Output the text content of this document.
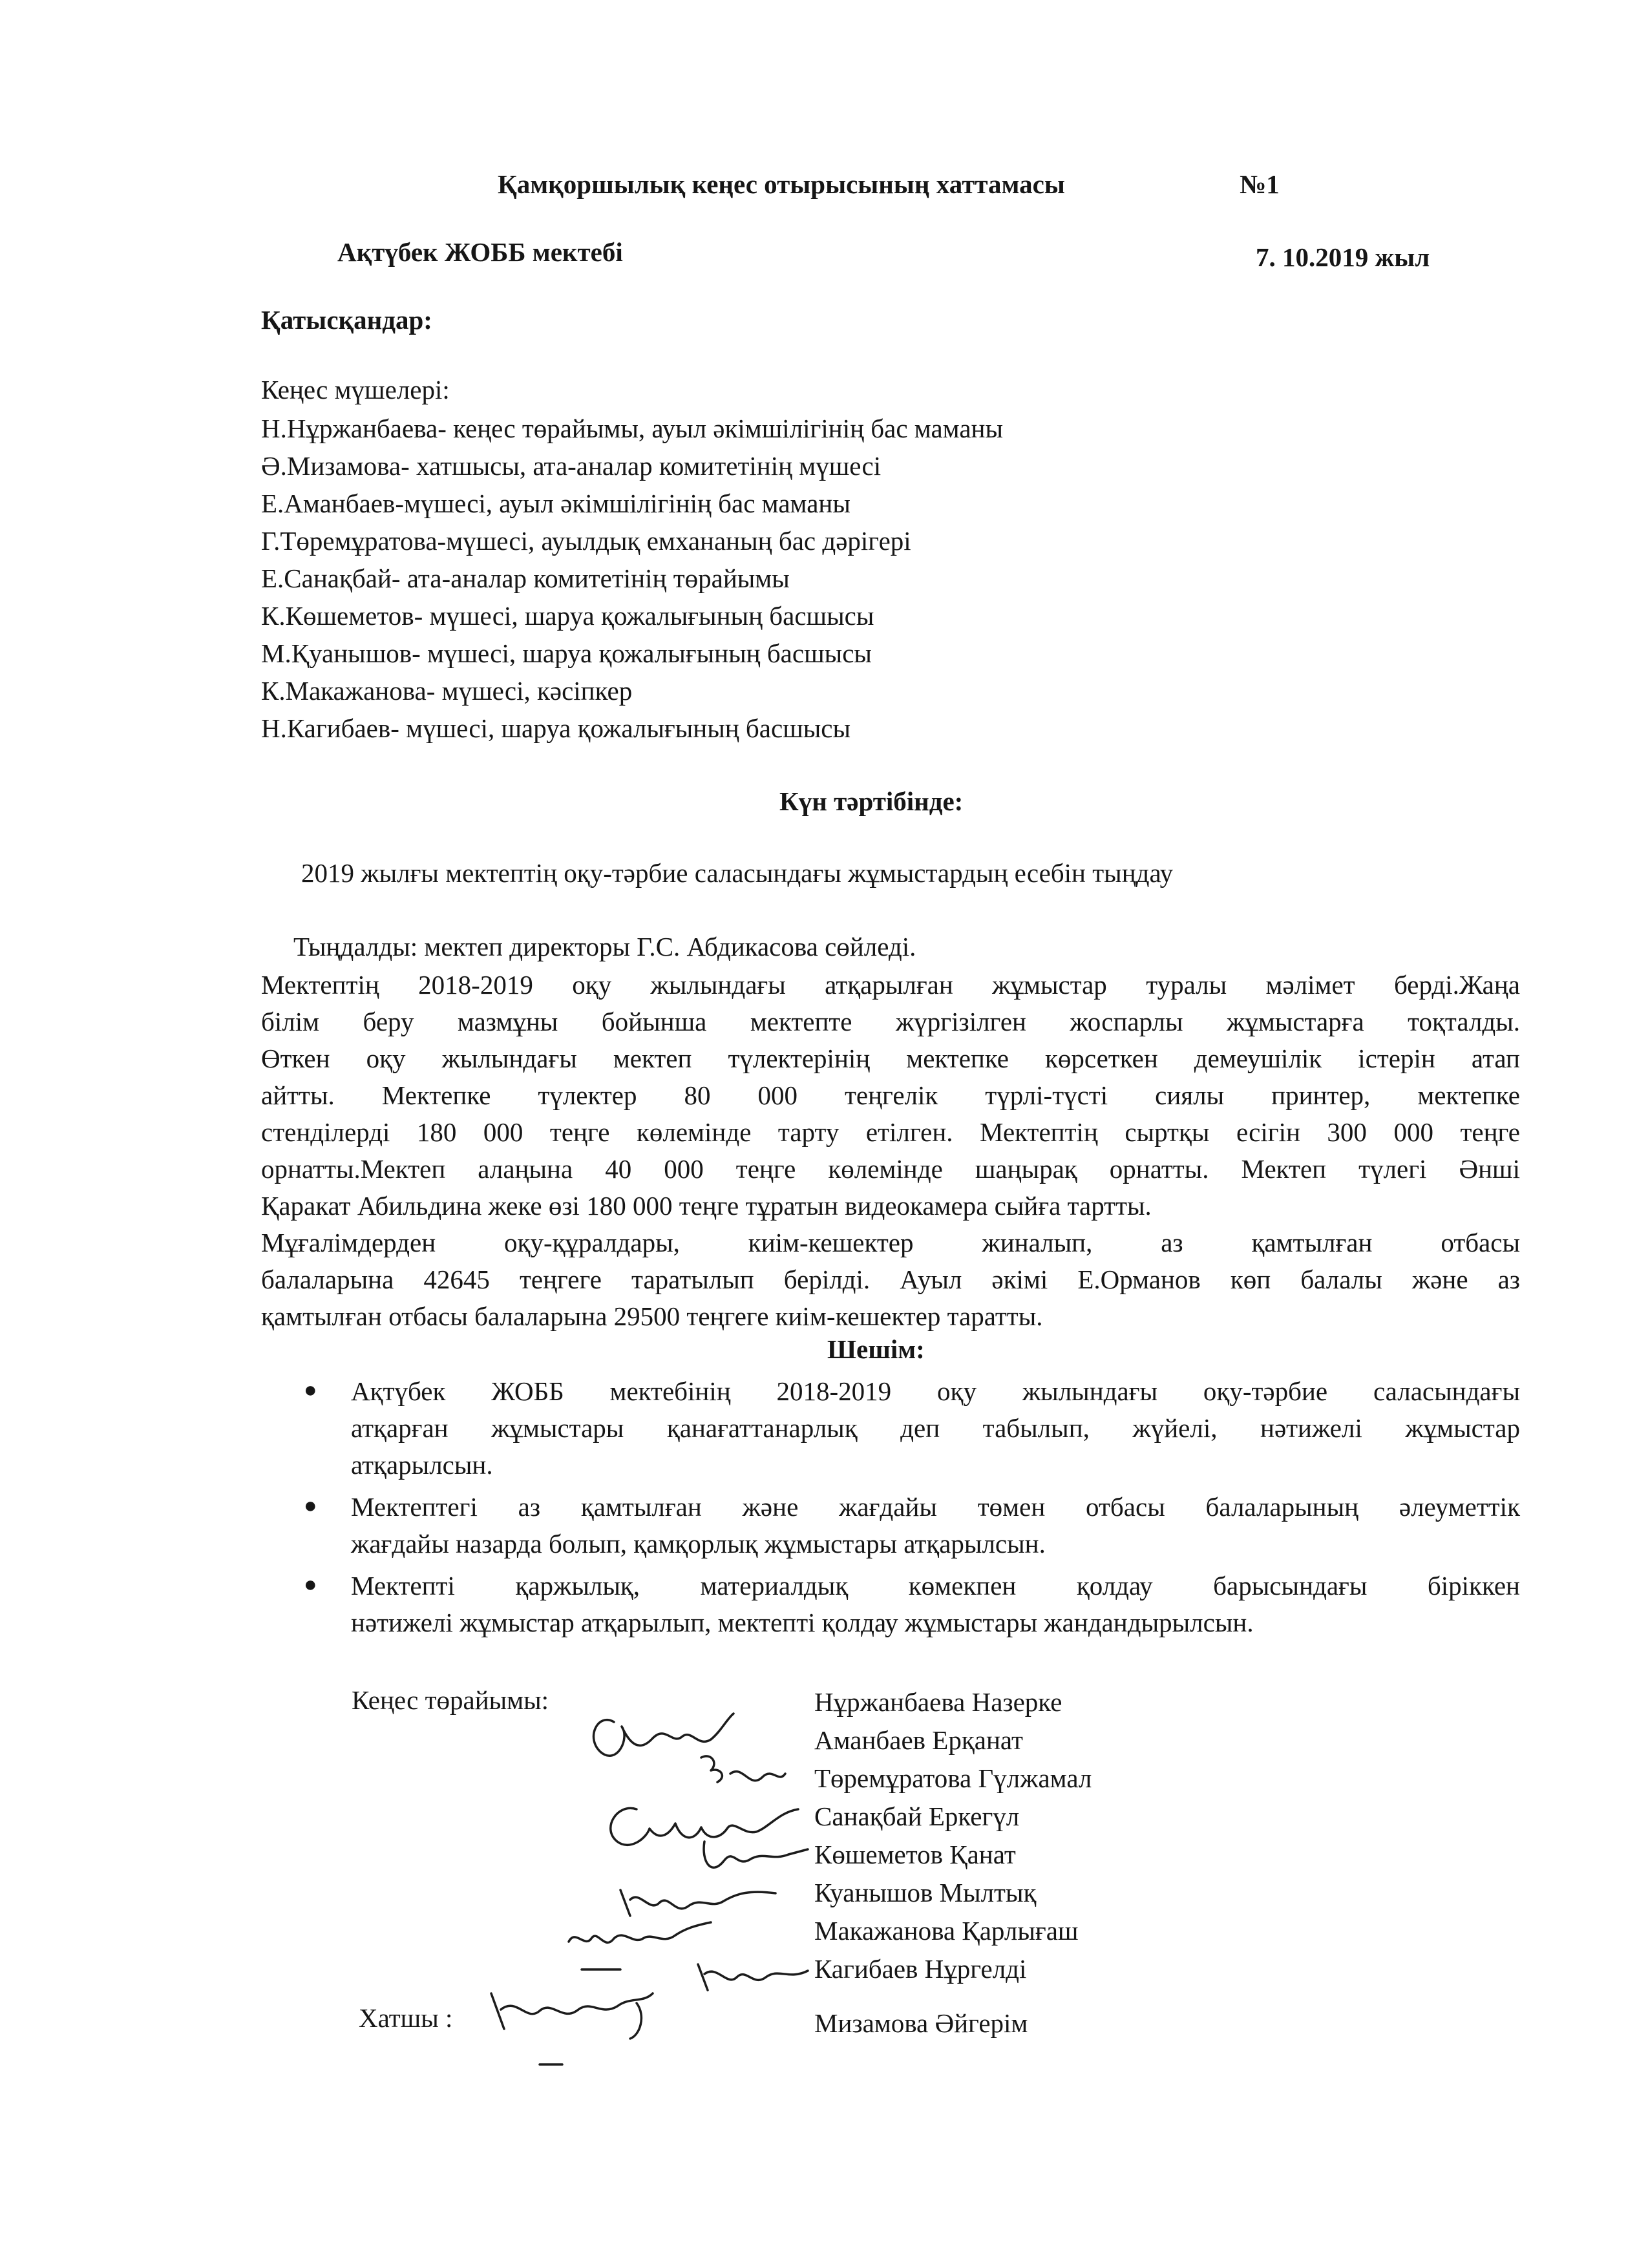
Қамқоршылық кеңес отырысының хаттамасы	№1
Ақтүбек ЖОББ мектебі	7. 10.2019 жыл
Қатысқандар:
Кеңес мүшелері:
Н.Нұржанбаева- кеңес төрайымы, ауыл әкімшілігінің бас маманы
Ә.Мизамова- хатшысы, ата-аналар комитетінің мүшесі
Е.Аманбаев-мүшесі, ауыл әкімшілігінің бас маманы
Г.Төремұратова-мүшесі, ауылдық емхананың бас дәрігері
Е.Санақбай- ата-аналар комитетінің төрайымы
К.Көшеметов- мүшесі, шаруа қожалығының басшысы
М.Қуанышов- мүшесі, шаруа қожалығының басшысы
К.Макажанова- мүшесі, кәсіпкер
Н.Кагибаев- мүшесі, шаруа қожалығының басшысы
Күн тәртібінде:
2019 жылғы мектептің оқу-тәрбие саласындағы жұмыстардың есебін тыңдау
Тыңдалды: мектеп директоры Г.С. Абдикасова сөйледі.
Мектептің 2018-2019 оқу жылындағы атқарылған жұмыстар туралы мәлімет берді.Жаңа
білім беру мазмұны бойынша мектепте жүргізілген жоспарлы жұмыстарға тоқталды.
Өткен оқу жылындағы мектеп түлектерінің мектепке көрсеткен демеушілік істерін атап
айтты. Мектепке түлектер 80 000 теңгелік түрлі-түсті сиялы принтер, мектепке
стенділерді 180 000 теңге көлемінде тарту етілген. Мектептің сыртқы есігін 300 000 теңге
орнатты.Мектеп алаңына 40 000 теңге көлемінде шаңырақ орнатты. Мектеп түлегі Әнші
Қаракат Абильдина жеке өзі 180 000 теңге тұратын видеокамера сыйға тартты.
Мұғалімдерден оқу-құралдары, киім-кешектер жиналып, аз қамтылған отбасы
балаларына 42645 теңгеге таратылып берілді. Ауыл әкімі Е.Орманов көп балалы және аз
қамтылған отбасы балаларына 29500 теңгеге киім-кешектер таратты.
Шешім:
● Ақтүбек ЖОББ мектебінің 2018-2019 оқу жылындағы оқу-тәрбие саласындағы
атқарған жұмыстары қанағаттанарлық деп табылып, жүйелі, нәтижелі жұмыстар
атқарылсын.
● Мектептегі аз қамтылған және жағдайы төмен отбасы балаларының әлеуметтік
жағдайы назарда болып, қамқорлық жұмыстары атқарылсын.
● Мектепті қаржылық, материалдық көмекпен қолдау барысындағы біріккен
нәтижелі жұмыстар атқарылып, мектепті қолдау жұмыстары жандандырылсын.
Кеңес төрайымы:
Хатшы :
Нұржанбаева Назерке
Аманбаев Ерқанат
Төремұратова Гүлжамал
Санақбай Еркегүл
Көшеметов Қанат
Куанышов Мылтық
Макажанова Қарлығаш
Кагибаев Нұргелді
Мизамова Әйгерім
